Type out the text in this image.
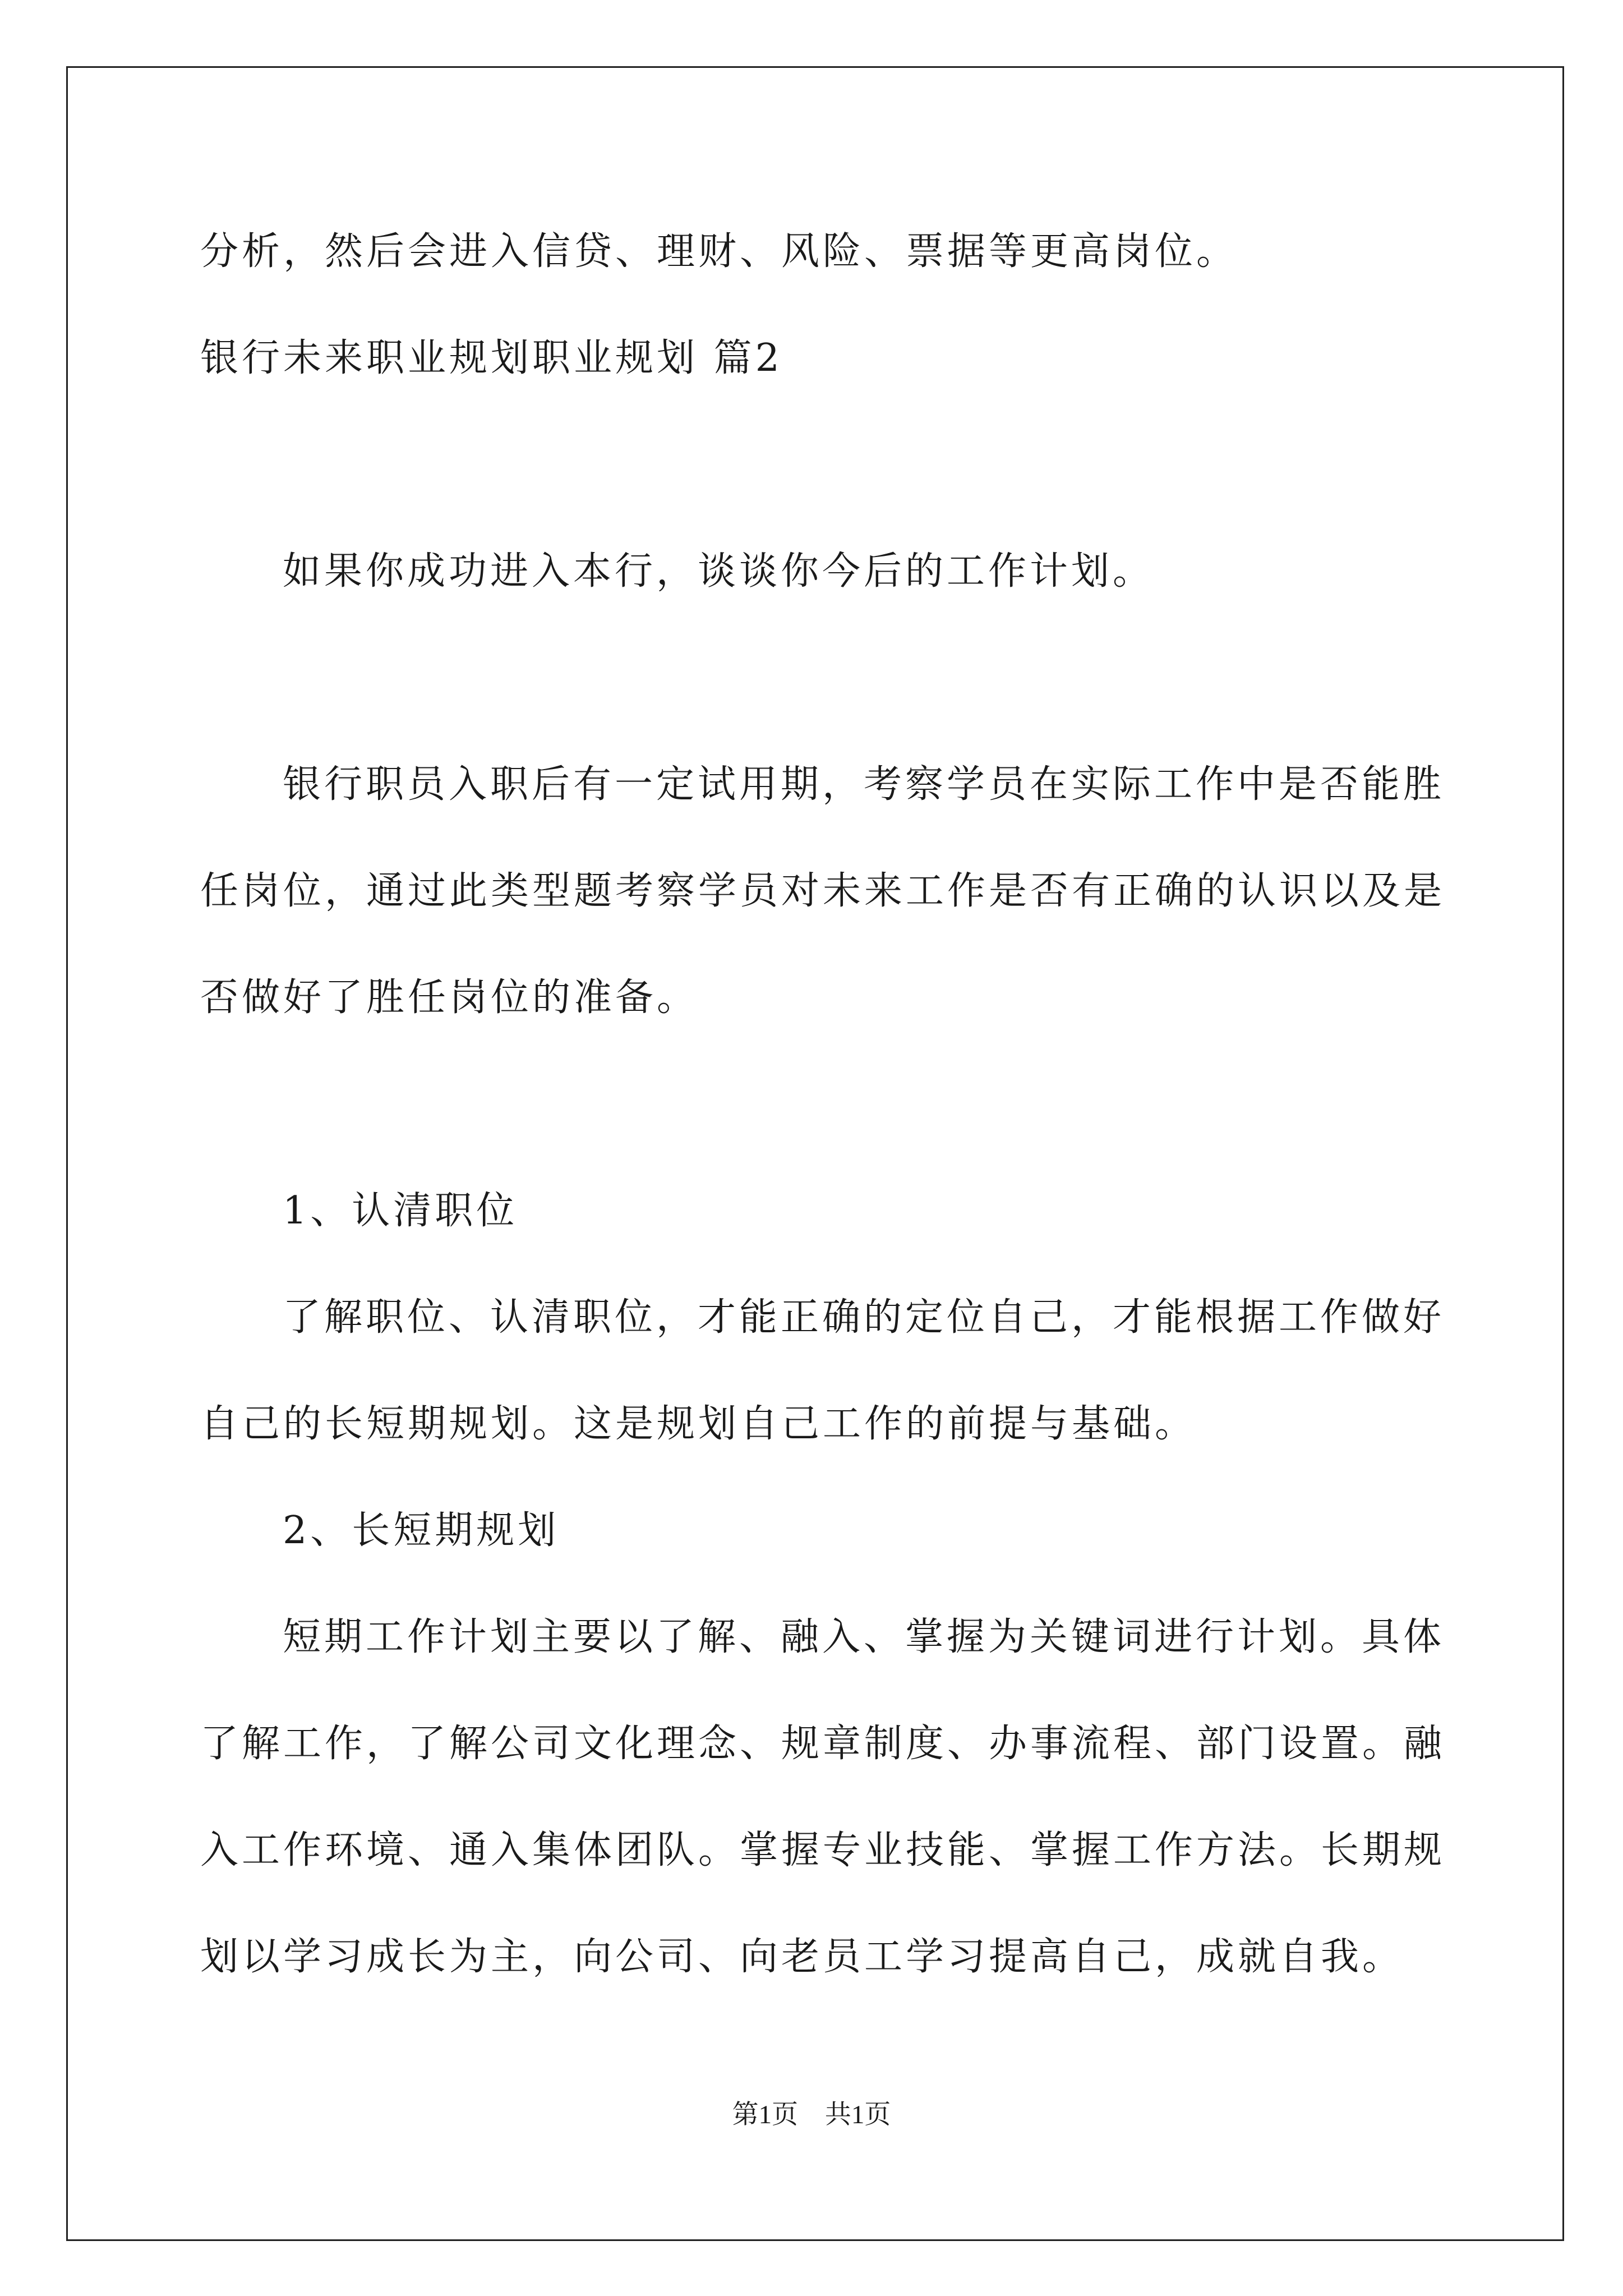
分析，然后会进入信贷、理财、风险、票据等更高岗位。
银行未来职业规划职业规划 篇2
如果你成功进入本行，谈谈你今后的工作计划。
银行职员入职后有一定试用期，考察学员在实际工作中是否能胜
任岗位，通过此类型题考察学员对未来工作是否有正确的认识以及是
否做好了胜任岗位的准备。
1、认清职位
了解职位、认清职位，才能正确的定位自己，才能根据工作做好
自己的长短期规划。这是规划自己工作的前提与基础。
2、长短期规划
短期工作计划主要以了解、融入、掌握为关键词进行计划。具体
了解工作，了解公司文化理念、规章制度、办事流程、部门设置。融
入工作环境、通入集体团队。掌握专业技能、掌握工作方法。长期规
划以学习成长为主，向公司、向老员工学习提高自己，成就自我。
第1页 共1页
